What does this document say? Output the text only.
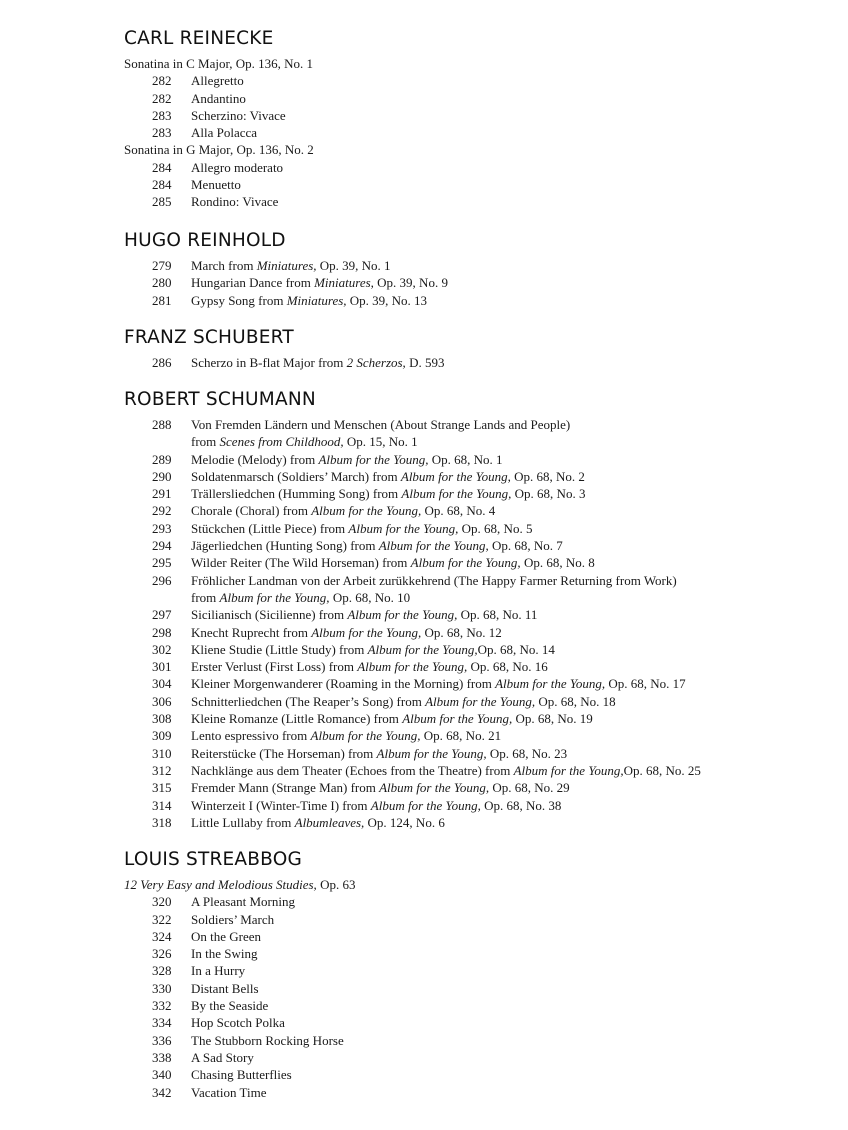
CARL REINECKE
Sonatina in C Major, Op. 136, No. 1
282	Allegretto
282	Andantino
283	Scherzino: Vivace
283	Alla Polacca
Sonatina in G Major, Op. 136, No. 2
284	Allegro moderato
284	Menuetto
285	Rondino: Vivace
HUGO REINHOLD
279	March from Miniatures, Op. 39, No. 1
280	Hungarian Dance from Miniatures, Op. 39, No. 9
281	Gypsy Song from Miniatures, Op. 39, No. 13
FRANZ SCHUBERT
286	Scherzo in B-flat Major from 2 Scherzos, D. 593
ROBERT SCHUMANN
288	Von Fremden Ländern und Menschen (About Strange Lands and People)
from Scenes from Childhood, Op. 15, No. 1
289	Melodie (Melody) from Album for the Young, Op. 68, No. 1
290	Soldatenmarsch (Soldiers’ March) from Album for the Young, Op. 68, No. 2
291	Trällersliedchen (Humming Song) from Album for the Young, Op. 68, No. 3
292	Chorale (Choral) from Album for the Young, Op. 68, No. 4
293	Stückchen (Little Piece) from Album for the Young, Op. 68, No. 5
294	Jägerliedchen (Hunting Song) from Album for the Young, Op. 68, No. 7
295	Wilder Reiter (The Wild Horseman) from Album for the Young, Op. 68, No. 8
296	Fröhlicher Landman von der Arbeit zurükkehrend (The Happy Farmer Returning from Work)
from Album for the Young, Op. 68, No. 10
297	Sicilianisch (Sicilienne) from Album for the Young, Op. 68, No. 11
298	Knecht Ruprecht from Album for the Young, Op. 68, No. 12
302	Kliene Studie (Little Study) from Album for the Young,Op. 68, No. 14
301	Erster Verlust (First Loss) from Album for the Young, Op. 68, No. 16
304	Kleiner Morgenwanderer (Roaming in the Morning) from Album for the Young, Op. 68, No. 17
306	Schnitterliedchen (The Reaper’s Song) from Album for the Young, Op. 68, No. 18
308	Kleine Romanze (Little Romance) from Album for the Young, Op. 68, No. 19
309	Lento espressivo from Album for the Young, Op. 68, No. 21
310	Reiterstücke (The Horseman) from Album for the Young, Op. 68, No. 23
312	Nachklänge aus dem Theater (Echoes from the Theatre) from Album for the Young,Op. 68, No. 25
315	Fremder Mann (Strange Man) from Album for the Young, Op. 68, No. 29
314	Winterzeit I (Winter-Time I) from Album for the Young, Op. 68, No. 38
318	Little Lullaby from Albumleaves, Op. 124, No. 6
LOUIS STREABBOG
12 Very Easy and Melodious Studies, Op. 63
320	A Pleasant Morning
322	Soldiers’ March
324	On the Green
326	In the Swing
328	In a Hurry
330	Distant Bells
332	By the Seaside
334	Hop Scotch Polka
336	The Stubborn Rocking Horse
338	A Sad Story
340	Chasing Butterflies
342	Vacation Time
